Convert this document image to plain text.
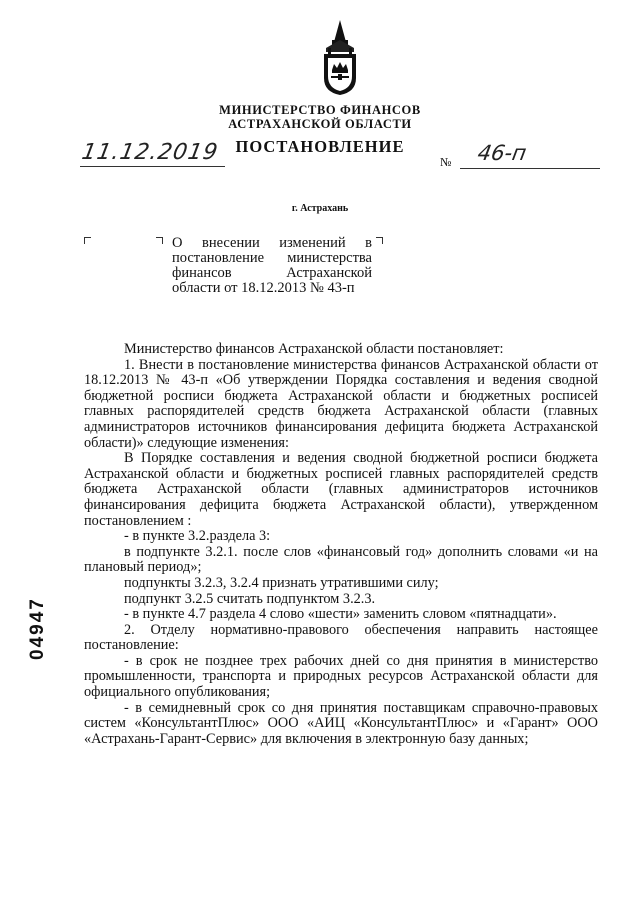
МИНИСТЕРСТВО ФИНАНСОВ
АСТРАХАНСКОЙ ОБЛАСТИ
ПОСТАНОВЛЕНИЕ
11.12.2019	№ 46-п
г. Астрахань
О внесении изменений в постановление министерства финансов Астраханской области от 18.12.2013 № 43-п

Министерство финансов Астраханской области постановляет:

1. Внести в постановление министерства финансов Астраханской области от 18.12.2013 № 43-п «Об утверждении Порядка составления и ведения сводной бюджетной росписи бюджета Астраханской области и бюджетных росписей главных распорядителей средств бюджета Астраханской области (главных администраторов источников финансирования дефицита бюджета Астраханской области)» следующие изменения:

В Порядке составления и ведения сводной бюджетной росписи бюджета Астраханской области и бюджетных росписей главных распорядителей средств бюджета Астраханской области (главных администраторов источников финансирования дефицита бюджета Астраханской области), утвержденном постановлением :

- в пункте 3.2.раздела 3:

в подпункте 3.2.1. после слов «финансовый год» дополнить словами «и на плановый период»;

подпункты 3.2.3, 3.2.4 признать утратившими силу;

подпункт 3.2.5 считать подпунктом 3.2.3.

- в пункте 4.7 раздела 4 слово «шести» заменить словом «пятнадцати».

2. Отделу нормативно-правового обеспечения направить настоящее постановление:

- в срок не позднее трех рабочих дней со дня принятия в министерство промышленности, транспорта и природных ресурсов Астраханской области для официального опубликования;

- в семидневный срок со дня принятия поставщикам справочно-правовых систем «КонсультантПлюс» ООО «АИЦ «КонсультантПлюс» и «Гарант» ООО «Астрахань-Гарант-Сервис» для включения в электронную базу данных;

04947
